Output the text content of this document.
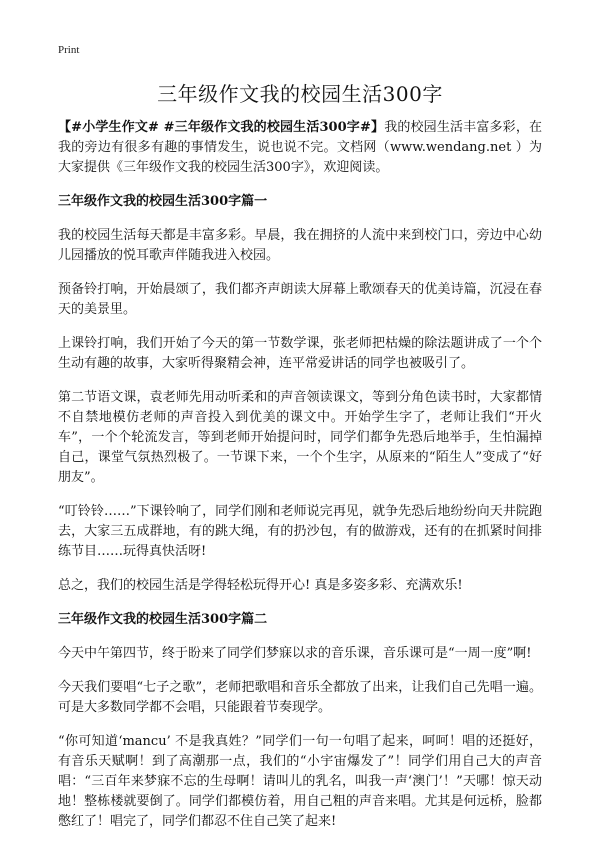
Print
三年级作文我的校园生活300字

【#小学生作文# #三年级作文我的校园生活300字#】我的校园生活丰富多彩，在我的旁边有很多有趣的事情发生，说也说不完。文档网（www.wendang.net ）为大家提供《三年级作文我的校园生活300字》，欢迎阅读。

三年级作文我的校园生活300字篇一

我的校园生活每天都是丰富多彩。早晨，我在拥挤的人流中来到校门口，旁边中心幼儿园播放的悦耳歌声伴随我进入校园。

预备铃打响，开始晨颂了，我们都齐声朗读大屏幕上歌颂春天的优美诗篇，沉浸在春天的美景里。

上课铃打响，我们开始了今天的第一节数学课，张老师把枯燥的除法题讲成了一个个生动有趣的故事，大家听得聚精会神，连平常爱讲话的同学也被吸引了。

第二节语文课，袁老师先用动听柔和的声音领读课文，等到分角色读书时，大家都情不自禁地模仿老师的声音投入到优美的课文中。开始学生字了，老师让我们“开火车”，一个个轮流发言，等到老师开始提问时，同学们都争先恐后地举手，生怕漏掉自己，课堂气氛热烈极了。一节课下来，一个个生字，从原来的“陌生人”变成了“好朋友”。

“叮铃铃……”下课铃响了，同学们刚和老师说完再见，就争先恐后地纷纷向天井院跑去，大家三五成群地，有的跳大绳，有的扔沙包，有的做游戏，还有的在抓紧时间排练节目……玩得真快活呀!

总之，我们的校园生活是学得轻松玩得开心! 真是多姿多彩、充满欢乐!

三年级作文我的校园生活300字篇二

今天中午第四节，终于盼来了同学们梦寐以求的音乐课，音乐课可是“一周一度”啊!

今天我们要唱“七子之歌”，老师把歌唱和音乐全都放了出来，让我们自己先唱一遍。可是大多数同学都不会唱，只能跟着节奏现学。

“你可知道‘mancu’ 不是我真姓？”同学们一句一句唱了起来，呵呵！唱的还挺好，有音乐天赋啊！到了高潮那一点，我们的“小宇宙爆发了”！同学们用自己大的声音唱：“三百年来梦寐不忘的生母啊！请叫儿的乳名，叫我一声‘澳门’！”天哪！惊天动地！整栋楼就要倒了。同学们都模仿着，用自己粗的声音来唱。尤其是何远桥，脸都憋红了！唱完了，同学们都忍不住自己笑了起来!
